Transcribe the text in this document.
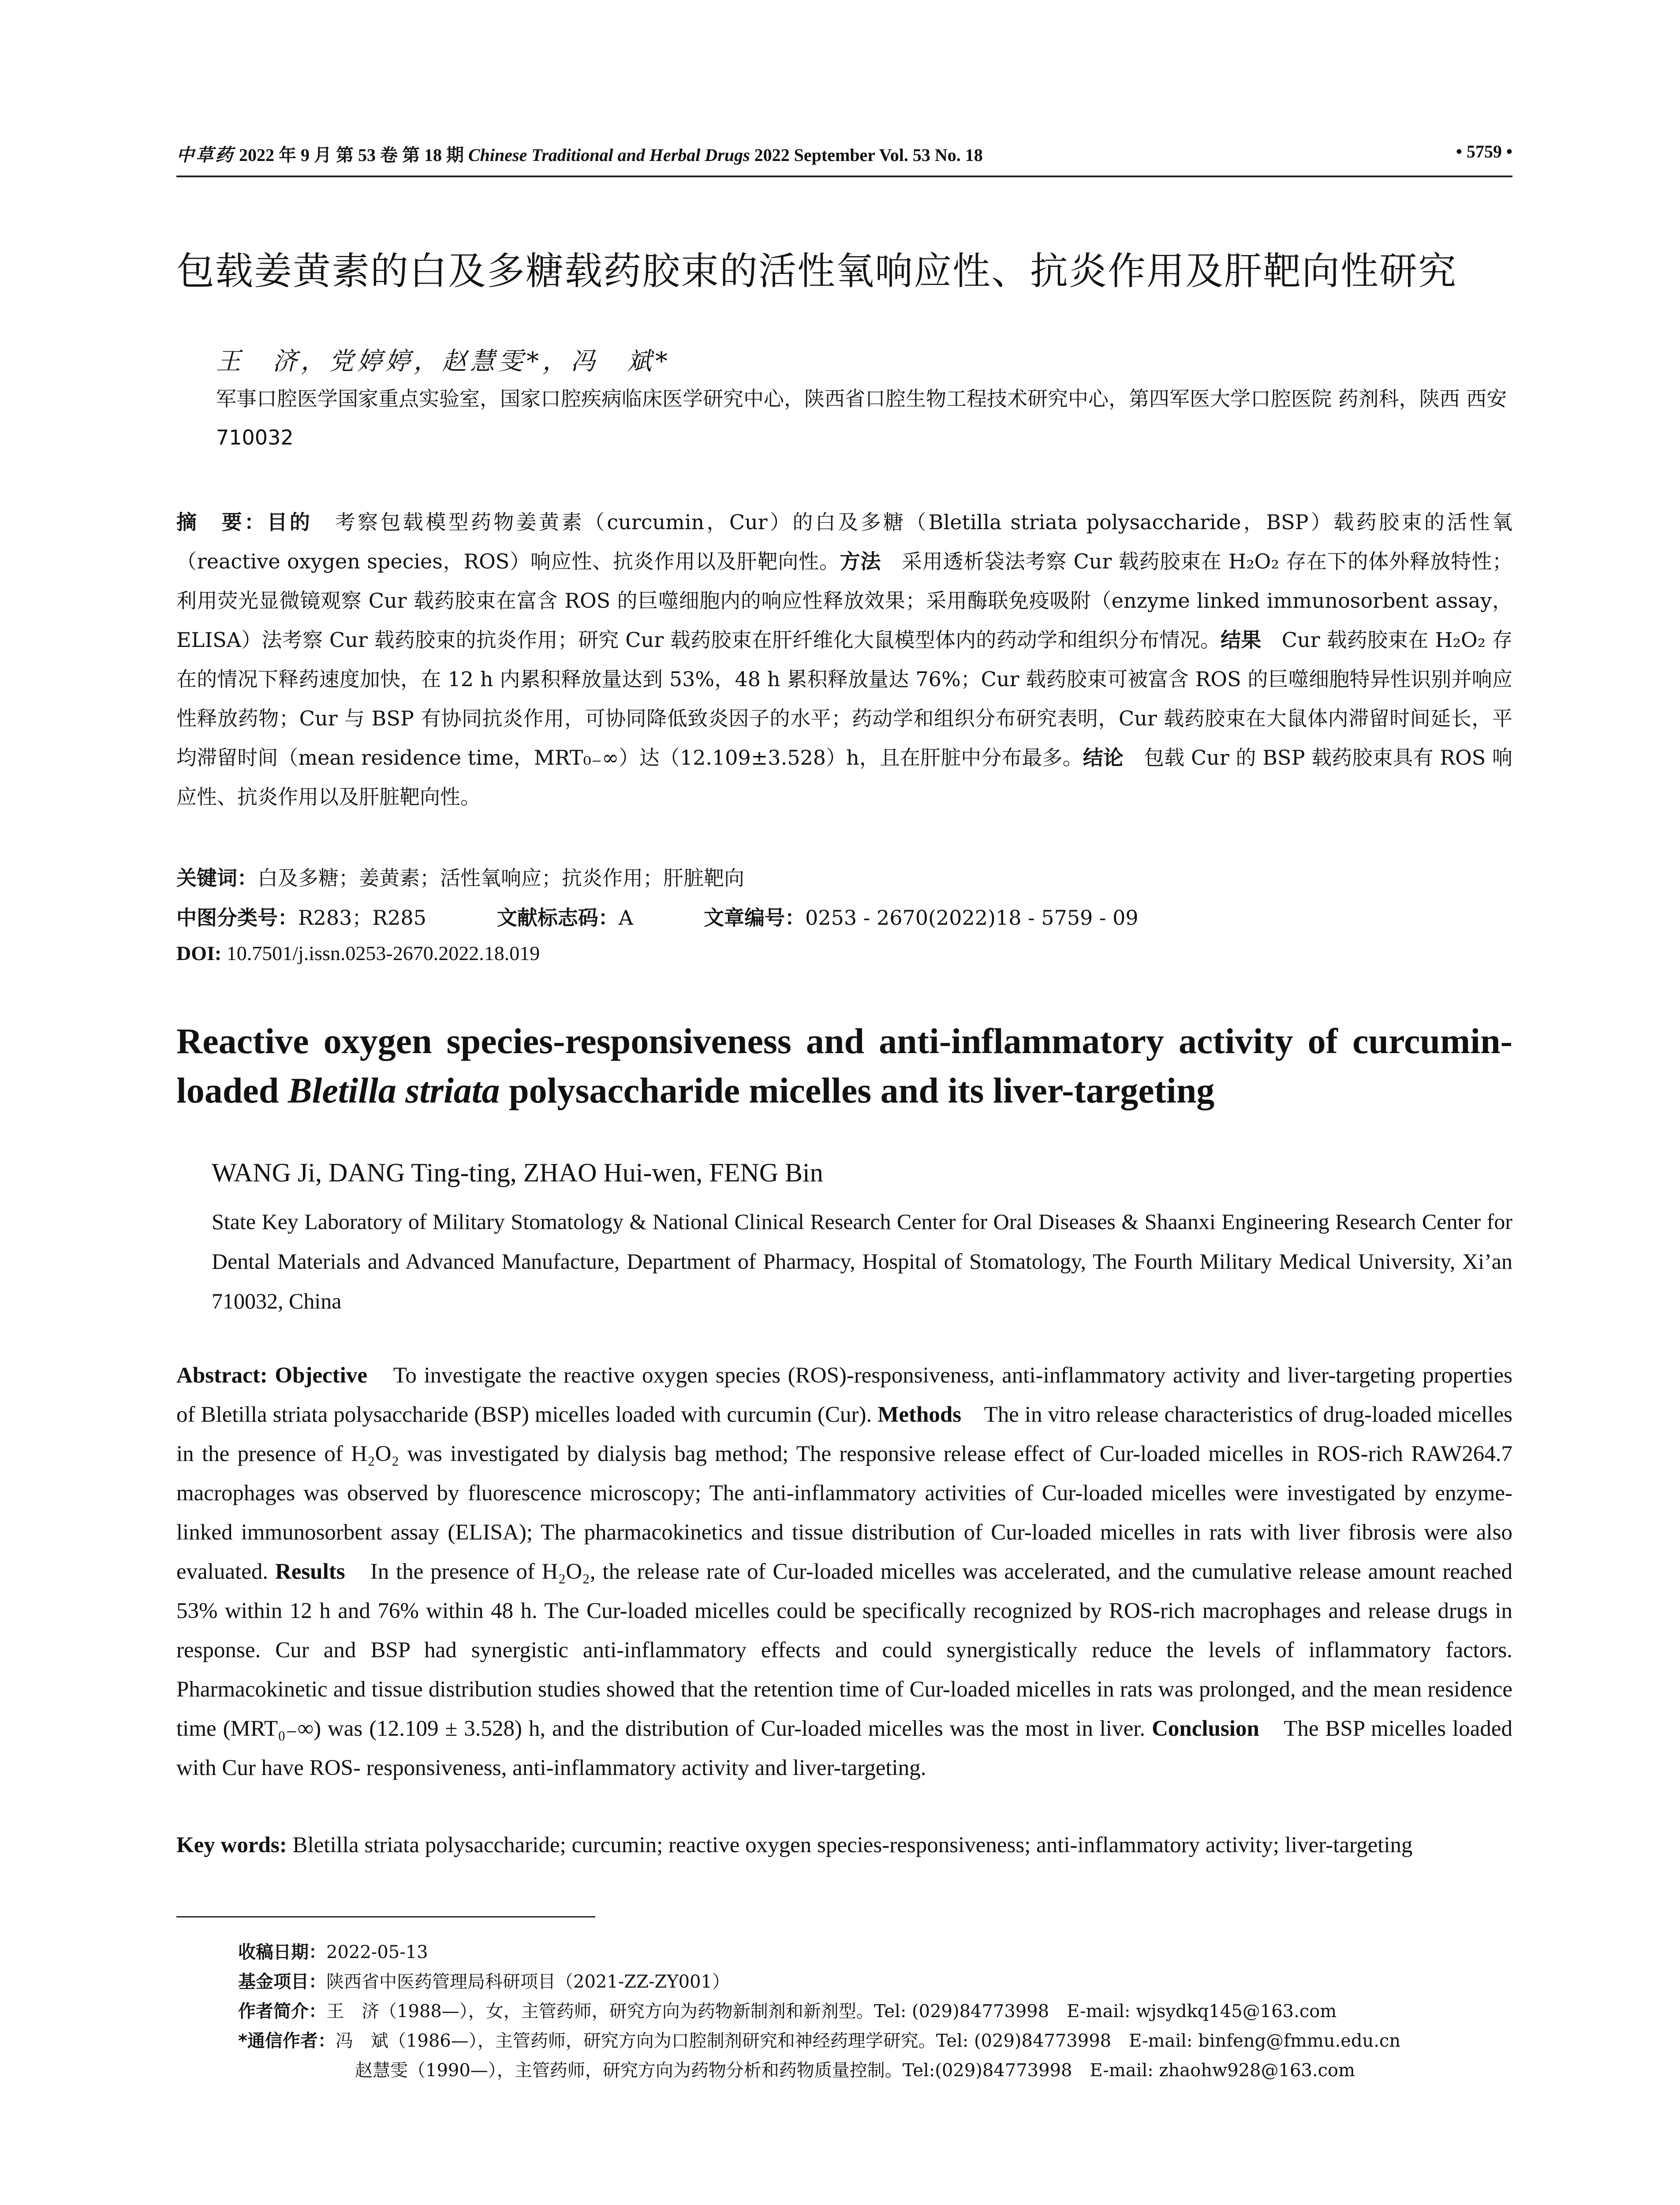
中草药 2022 年 9 月 第 53 卷 第 18 期 Chinese Traditional and Herbal Drugs 2022 September Vol. 53 No. 18	• 5759 •
包载姜黄素的白及多糖载药胶束的活性氧响应性、抗炎作用及肝靶向性研究
王　济，党婷婷，赵慧雯*，冯　斌*
军事口腔医学国家重点实验室，国家口腔疾病临床医学研究中心，陕西省口腔生物工程技术研究中心，第四军医大学口腔医院 药剂科，陕西 西安　710032
摘　要：目的　考察包载模型药物姜黄素（curcumin，Cur）的白及多糖（Bletilla striata polysaccharide，BSP）载药胶束的活性氧（reactive oxygen species，ROS）响应性、抗炎作用以及肝靶向性。方法　采用透析袋法考察 Cur 载药胶束在 H₂O₂ 存在下的体外释放特性；利用荧光显微镜观察 Cur 载药胶束在富含 ROS 的巨噬细胞内的响应性释放效果；采用酶联免疫吸附（enzyme linked immunosorbent assay，ELISA）法考察 Cur 载药胶束的抗炎作用；研究 Cur 载药胶束在肝纤维化大鼠模型体内的药动学和组织分布情况。结果　Cur 载药胶束在 H₂O₂ 存在的情况下释药速度加快，在 12 h 内累积释放量达到 53%，48 h 累积释放量达 76%；Cur 载药胶束可被富含 ROS 的巨噬细胞特异性识别并响应性释放药物；Cur 与 BSP 有协同抗炎作用，可协同降低致炎因子的水平；药动学和组织分布研究表明，Cur 载药胶束在大鼠体内滞留时间延长，平均滞留时间（mean residence time，MRT₀₋∞）达（12.109±3.528）h，且在肝脏中分布最多。结论　包载 Cur 的 BSP 载药胶束具有 ROS 响应性、抗炎作用以及肝脏靶向性。
关键词：白及多糖；姜黄素；活性氧响应；抗炎作用；肝脏靶向
中图分类号：R283；R285	文献标志码：A	文章编号：0253 - 2670(2022)18 - 5759 - 09
DOI: 10.7501/j.issn.0253-2670.2022.18.019
Reactive oxygen species-responsiveness and anti-inflammatory activity of curcumin-loaded Bletilla striata polysaccharide micelles and its liver-targeting
WANG Ji, DANG Ting-ting, ZHAO Hui-wen, FENG Bin
State Key Laboratory of Military Stomatology & National Clinical Research Center for Oral Diseases & Shaanxi Engineering Research Center for Dental Materials and Advanced Manufacture, Department of Pharmacy, Hospital of Stomatology, The Fourth Military Medical University, Xi’an 710032, China
Abstract: Objective　To investigate the reactive oxygen species (ROS)-responsiveness, anti-inflammatory activity and liver-targeting properties of Bletilla striata polysaccharide (BSP) micelles loaded with curcumin (Cur). Methods　The in vitro release characteristics of drug-loaded micelles in the presence of H₂O₂ was investigated by dialysis bag method; The responsive release effect of Cur-loaded micelles in ROS-rich RAW264.7 macrophages was observed by fluorescence microscopy; The anti-inflammatory activities of Cur-loaded micelles were investigated by enzyme-linked immunosorbent assay (ELISA); The pharmacokinetics and tissue distribution of Cur-loaded micelles in rats with liver fibrosis were also evaluated. Results　In the presence of H₂O₂, the release rate of Cur-loaded micelles was accelerated, and the cumulative release amount reached 53% within 12 h and 76% within 48 h. The Cur-loaded micelles could be specifically recognized by ROS-rich macrophages and release drugs in response. Cur and BSP had synergistic anti-inflammatory effects and could synergistically reduce the levels of inflammatory factors. Pharmacokinetic and tissue distribution studies showed that the retention time of Cur-loaded micelles in rats was prolonged, and the mean residence time (MRT₀₋∞) was (12.109 ± 3.528) h, and the distribution of Cur-loaded micelles was the most in liver. Conclusion　The BSP micelles loaded with Cur have ROS- responsiveness, anti-inflammatory activity and liver-targeting.
Key words: Bletilla striata polysaccharide; curcumin; reactive oxygen species-responsiveness; anti-inflammatory activity; liver-targeting
收稿日期：2022-05-13
基金项目：陕西省中医药管理局科研项目（2021-ZZ-ZY001）
作者简介：王　济（1988—），女，主管药师，研究方向为药物新制剂和新剂型。Tel: (029)84773998　E-mail: wjsydkq145@163.com
*通信作者：冯　斌（1986—），主管药师，研究方向为口腔制剂研究和神经药理学研究。Tel: (029)84773998　E-mail: binfeng@fmmu.edu.cn
赵慧雯（1990—），主管药师，研究方向为药物分析和药物质量控制。Tel:(029)84773998　E-mail: zhaohw928@163.com
